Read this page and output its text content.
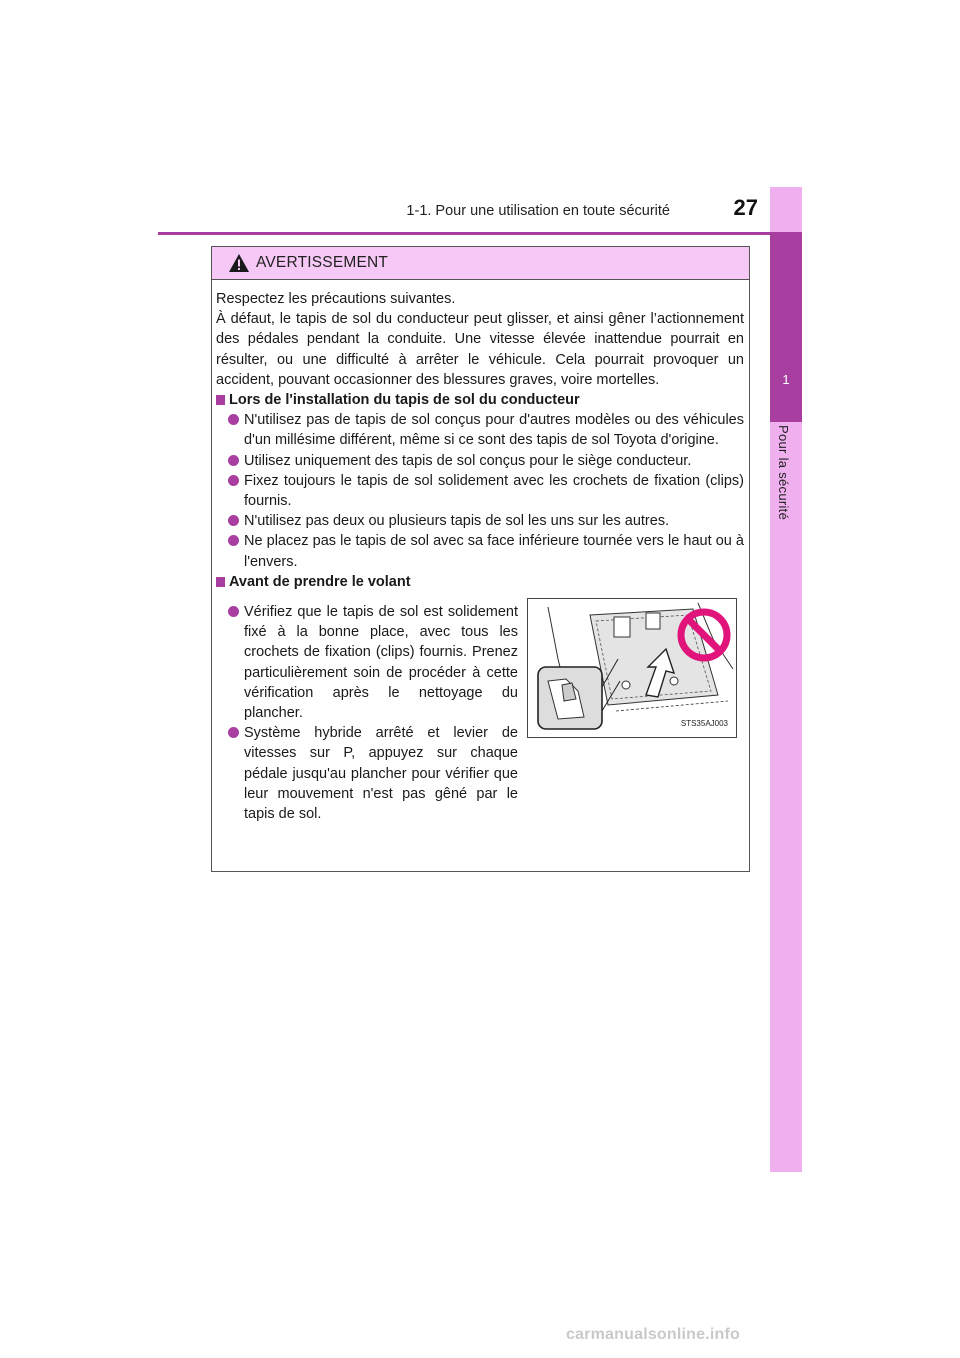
1
Pour la sécurité
1-1. Pour une utilisation en toute sécurité	27
AVERTISSEMENT

Respectez les précautions suivantes.

À défaut, le tapis de sol du conducteur peut glisser, et ainsi gêner l’actionnement des pédales pendant la conduite. Une vitesse élevée inattendue pourrait en résulter, ou une difficulté à arrêter le véhicule. Cela pourrait provoquer un accident, pouvant occasionner des blessures graves, voire mortelles.

Lors de l'installation du tapis de sol du conducteur

N'utilisez pas de tapis de sol conçus pour d'autres modèles ou des véhicules d'un millésime différent, même si ce sont des tapis de sol Toyota d'origine.

Utilisez uniquement des tapis de sol conçus pour le siège conducteur.

Fixez toujours le tapis de sol solidement avec les crochets de fixation (clips) fournis.

N'utilisez pas deux ou plusieurs tapis de sol les uns sur les autres.

Ne placez pas le tapis de sol avec sa face inférieure tournée vers le haut ou à l'envers.

Avant de prendre le volant

Vérifiez que le tapis de sol est solidement fixé à la bonne place, avec tous les crochets de fixation (clips) fournis. Prenez particulièrement soin de procéder à cette vérification après le nettoyage du plancher.

Système hybride arrêté et levier de vitesses sur P, appuyez sur chaque pédale jusqu'au plancher pour vérifier que leur mouvement n'est pas gêné par le tapis de sol.

STS35AJ003
carmanualsonline.info
